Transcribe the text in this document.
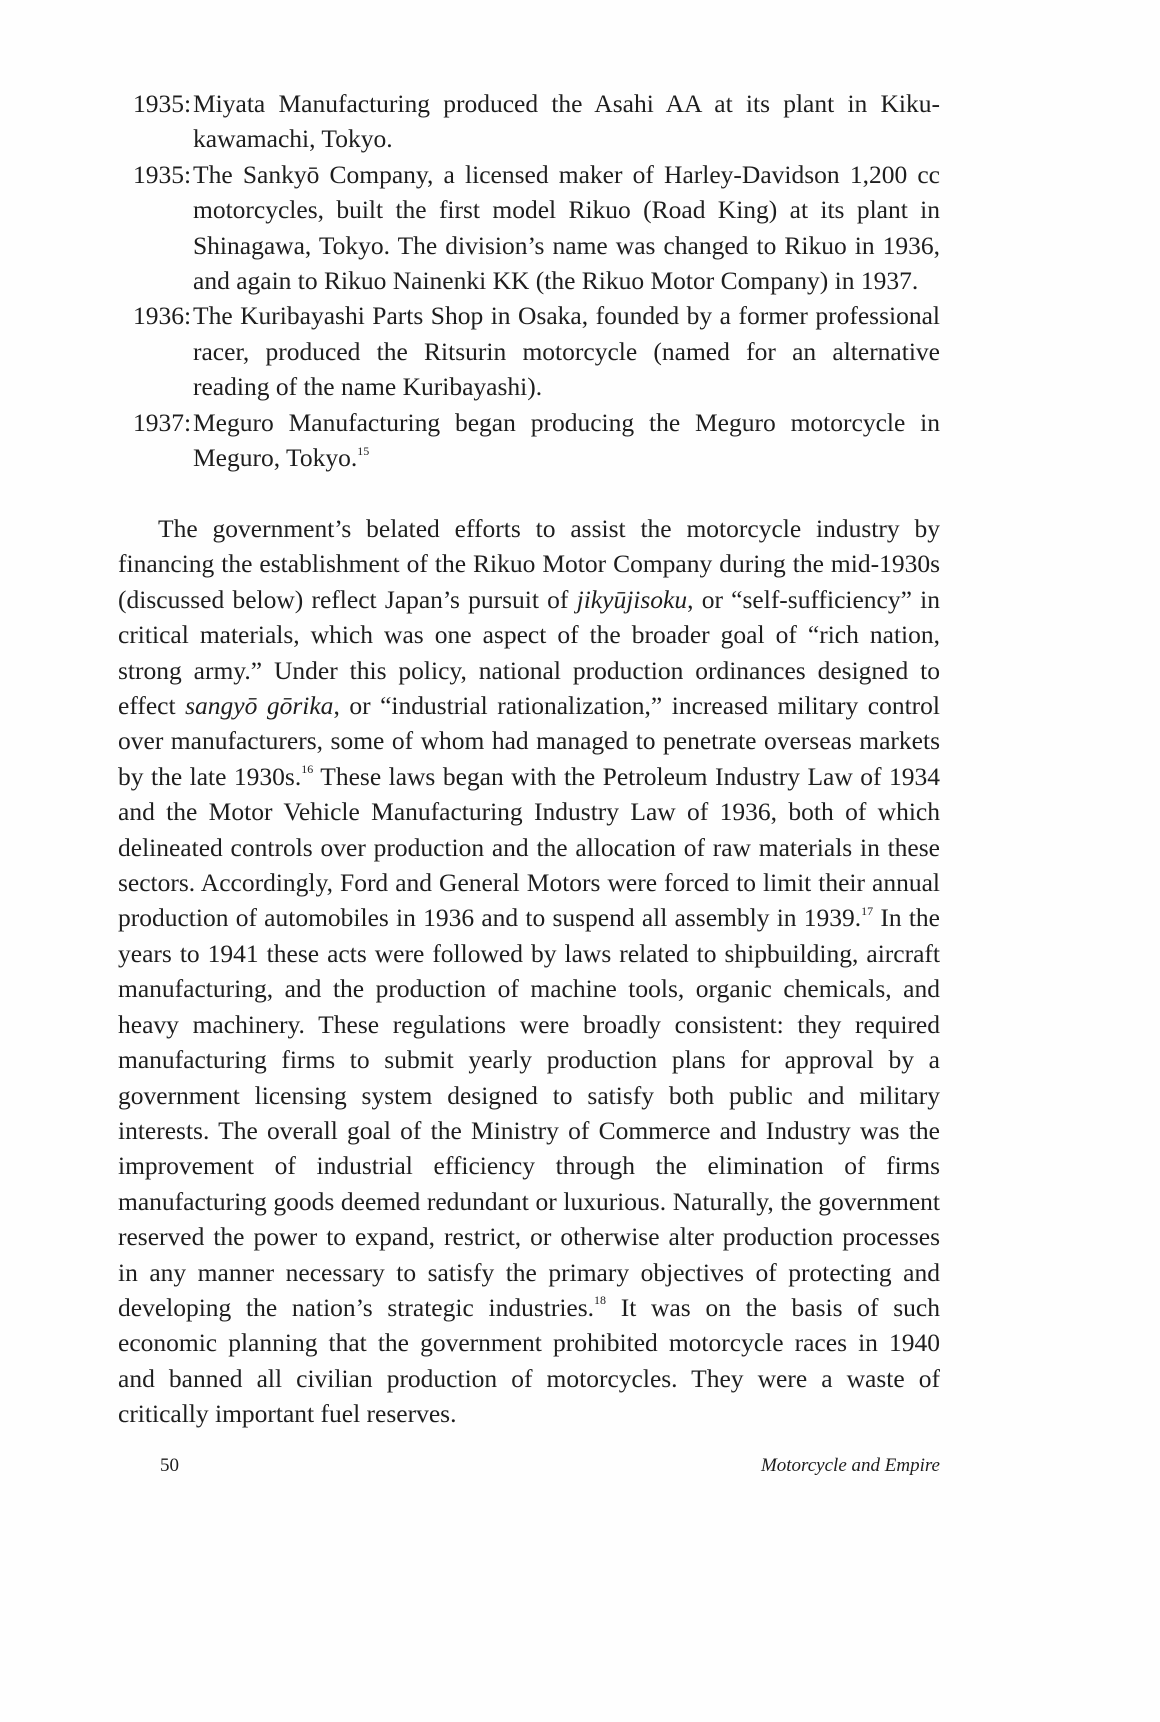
1935: Miyata Manufacturing produced the Asahi AA at its plant in Kiku-kawamachi, Tokyo.
1935: The Sankyō Company, a licensed maker of Harley-Davidson 1,200 cc motorcycles, built the first model Rikuo (Road King) at its plant in Shinagawa, Tokyo. The division’s name was changed to Rikuo in 1936, and again to Rikuo Nainenki KK (the Rikuo Motor Company) in 1937.
1936: The Kuribayashi Parts Shop in Osaka, founded by a former professional racer, produced the Ritsurin motorcycle (named for an alternative reading of the name Kuribayashi).
1937: Meguro Manufacturing began producing the Meguro motorcycle in Meguro, Tokyo.$^{15}$

The government’s belated efforts to assist the motorcycle industry by financing the establishment of the Rikuo Motor Company during the mid-1930s (discussed below) reflect Japan’s pursuit of jikyūjisoku, or “self-sufficiency” in critical materials, which was one aspect of the broader goal of “rich nation, strong army.” Under this policy, national production ordinances designed to effect sangyō gōrika, or “industrial rationalization,” increased military control over manufacturers, some of whom had managed to penetrate overseas markets by the late 1930s.$^{16}$ These laws began with the Petroleum Industry Law of 1934 and the Motor Vehicle Manufacturing Industry Law of 1936, both of which delineated controls over production and the allocation of raw materials in these sectors. Accordingly, Ford and General Motors were forced to limit their annual production of automobiles in 1936 and to suspend all assembly in 1939.17 In the years to 1941 these acts were followed by laws related to shipbuilding, aircraft manufacturing, and the production of machine tools, organic chemicals, and heavy machinery. These regulations were broadly consistent: they required manufacturing firms to submit yearly production plans for approval by a government licensing system designed to satisfy both public and military interests. The overall goal of the Ministry of Commerce and Industry was the improvement of industrial efficiency through the elimination of firms manufacturing goods deemed redundant or luxurious. Naturally, the government reserved the power to expand, restrict, or otherwise alter production processes in any manner necessary to satisfy the primary objectives of protecting and developing the nation’s strategic industries.$^{18}$ It was on the basis of such economic planning that the government prohibited motorcycle races in 1940 and banned all civilian production of motorcycles. They were a waste of critically important fuel reserves.

50	Motorcycle and Empire
